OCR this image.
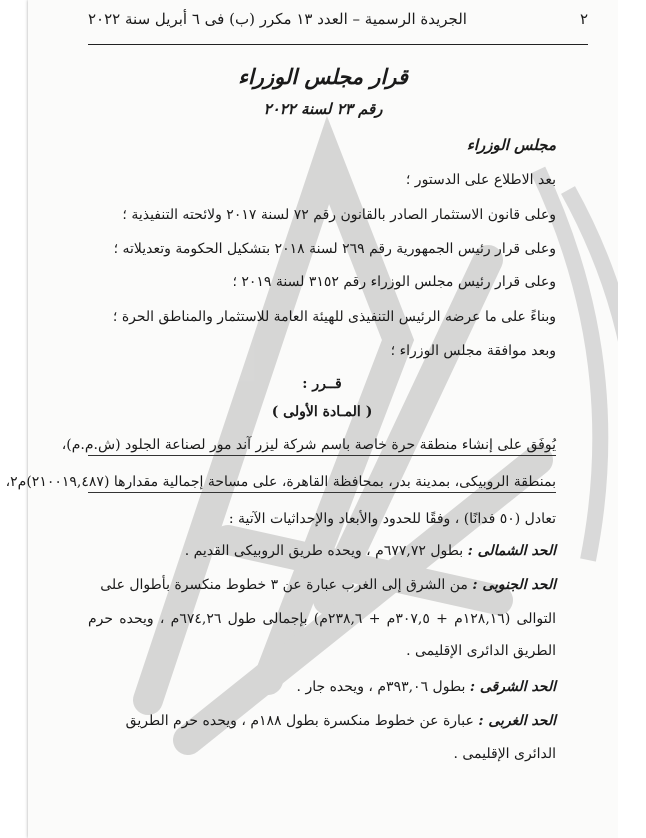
٢
الجريدة الرسمية – العدد ١٣ مكرر (ب) فى ٦ أبريل سنة ٢٠٢٢
قرار مجلس الوزراء
رقم ٢٣ لسنة ٢٠٢٢
مجلس الوزراء
بعد الاطلاع على الدستور ؛
وعلى قانون الاستثمار الصادر بالقانون رقم ٧٢ لسنة ٢٠١٧ ولائحته التنفيذية ؛
وعلى قرار رئيس الجمهورية رقم ٢٦٩ لسنة ٢٠١٨ بتشكيل الحكومة وتعديلاته ؛
وعلى قرار رئيس مجلس الوزراء رقم ٣١٥٢ لسنة ٢٠١٩ ؛
وبناءً على ما عرضه الرئيس التنفيذى للهيئة العامة للاستثمار والمناطق الحرة ؛
وبعد موافقة مجلس الوزراء ؛
قــرر :
( المـادة الأولى )
يُوفَق على إنشاء منطقة حرة خاصة باسم شركة ليزر آند مور لصناعة الجلود (ش.م.م)،
بمنطقة الروبيكى، بمدينة بدر، بمحافظة القاهرة، على مساحة إجمالية مقدارها (٢١٠٠١٩,٤٨٧)م٢،
تعادل (٥٠ فدانًا) ، وفقًا للحدود والأبعاد والإحداثيات الآتية :
الحد الشمالى : بطول ٦٧٧,٧٢م ، ويحده طريق الروبيكى القديم .
الحد الجنوبى : من الشرق إلى الغرب عبارة عن ٣ خطوط منكسرة بأطوال على
التوالى (١٢٨,١٦م + ٣٠٧,٥م + ٢٣٨,٦م) بإجمالى طول ٦٧٤,٢٦م ، ويحده حرم
الطريق الدائرى الإقليمى .
الحد الشرقى : بطول ٣٩٣,٠٦م ، ويحده جار .
الحد الغربى : عبارة عن خطوط منكسرة بطول ١٨٨م ، ويحده حرم الطريق
الدائرى الإقليمى .
